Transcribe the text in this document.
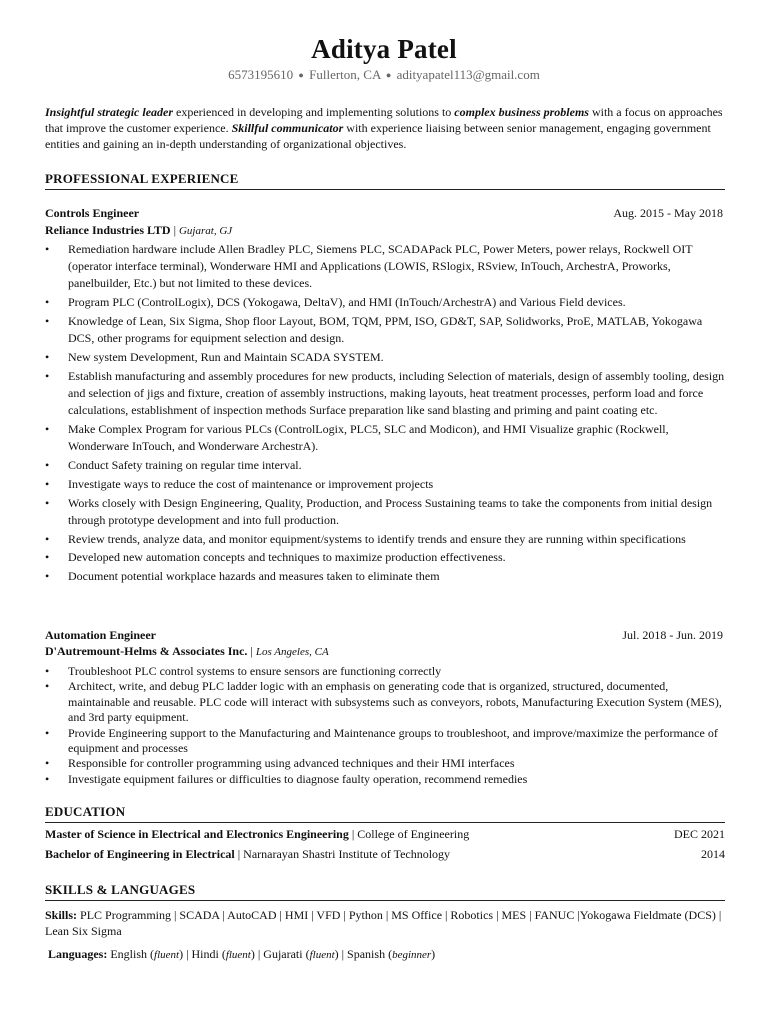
Aditya Patel
6573195610 ● Fullerton, CA ● adityapatel113@gmail.com
Insightful strategic leader experienced in developing and implementing solutions to complex business problems with a focus on approaches that improve the customer experience. Skillful communicator with experience liaising between senior management, engaging government entities and gaining an in-depth understanding of organizational objectives.
PROFESSIONAL EXPERIENCE
Controls Engineer	Aug. 2015 - May 2018
Reliance Industries LTD | Gujarat, GJ
• Remediation hardware include Allen Bradley PLC, Siemens PLC, SCADAPack PLC, Power Meters, power relays, Rockwell OIT (operator interface terminal), Wonderware HMI and Applications (LOWIS, RSlogix, RSview, InTouch, ArchestrA, Proworks, panelbuilder, Etc.) but not limited to these devices.
• Program PLC (ControlLogix), DCS (Yokogawa, DeltaV), and HMI (InTouch/ArchestrA) and Various Field devices.
• Knowledge of Lean, Six Sigma, Shop floor Layout, BOM, TQM, PPM, ISO, GD&T, SAP, Solidworks, ProE, MATLAB, Yokogawa DCS, other programs for equipment selection and design.
• New system Development, Run and Maintain SCADA SYSTEM.
• Establish manufacturing and assembly procedures for new products, including Selection of materials, design of assembly tooling, design and selection of jigs and fixture, creation of assembly instructions, making layouts, heat treatment processes, perform load and force calculations, establishment of inspection methods Surface preparation like sand blasting and priming and paint coating etc.
• Make Complex Program for various PLCs (ControlLogix, PLC5, SLC and Modicon), and HMI Visualize graphic (Rockwell, Wonderware InTouch, and Wonderware ArchestrA).
• Conduct Safety training on regular time interval.
• Investigate ways to reduce the cost of maintenance or improvement projects
• Works closely with Design Engineering, Quality, Production, and Process Sustaining teams to take the components from initial design through prototype development and into full production.
• Review trends, analyze data, and monitor equipment/systems to identify trends and ensure they are running within specifications
• Developed new automation concepts and techniques to maximize production effectiveness.
• Document potential workplace hazards and measures taken to eliminate them
Automation Engineer	Jul. 2018 - Jun. 2019
D'Autremount-Helms & Associates Inc. | Los Angeles, CA
• Troubleshoot PLC control systems to ensure sensors are functioning correctly
• Architect, write, and debug PLC ladder logic with an emphasis on generating code that is organized, structured, documented, maintainable and reusable. PLC code will interact with subsystems such as conveyors, robots, Manufacturing Execution System (MES), and 3rd party equipment.
• Provide Engineering support to the Manufacturing and Maintenance groups to troubleshoot, and improve/maximize the performance of equipment and processes
• Responsible for controller programming using advanced techniques and their HMI interfaces
• Investigate equipment failures or difficulties to diagnose faulty operation, recommend remedies
EDUCATION
Master of Science in Electrical and Electronics Engineering | College of Engineering	DEC 2021
Bachelor of Engineering in Electrical | Narnarayan Shastri Institute of Technology	2014
SKILLS & LANGUAGES
Skills: PLC Programming | SCADA | AutoCAD | HMI | VFD | Python | MS Office | Robotics | MES | FANUC |Yokogawa Fieldmate (DCS) | Lean Six Sigma
Languages: English (fluent) | Hindi (fluent) | Gujarati (fluent) | Spanish (beginner)
